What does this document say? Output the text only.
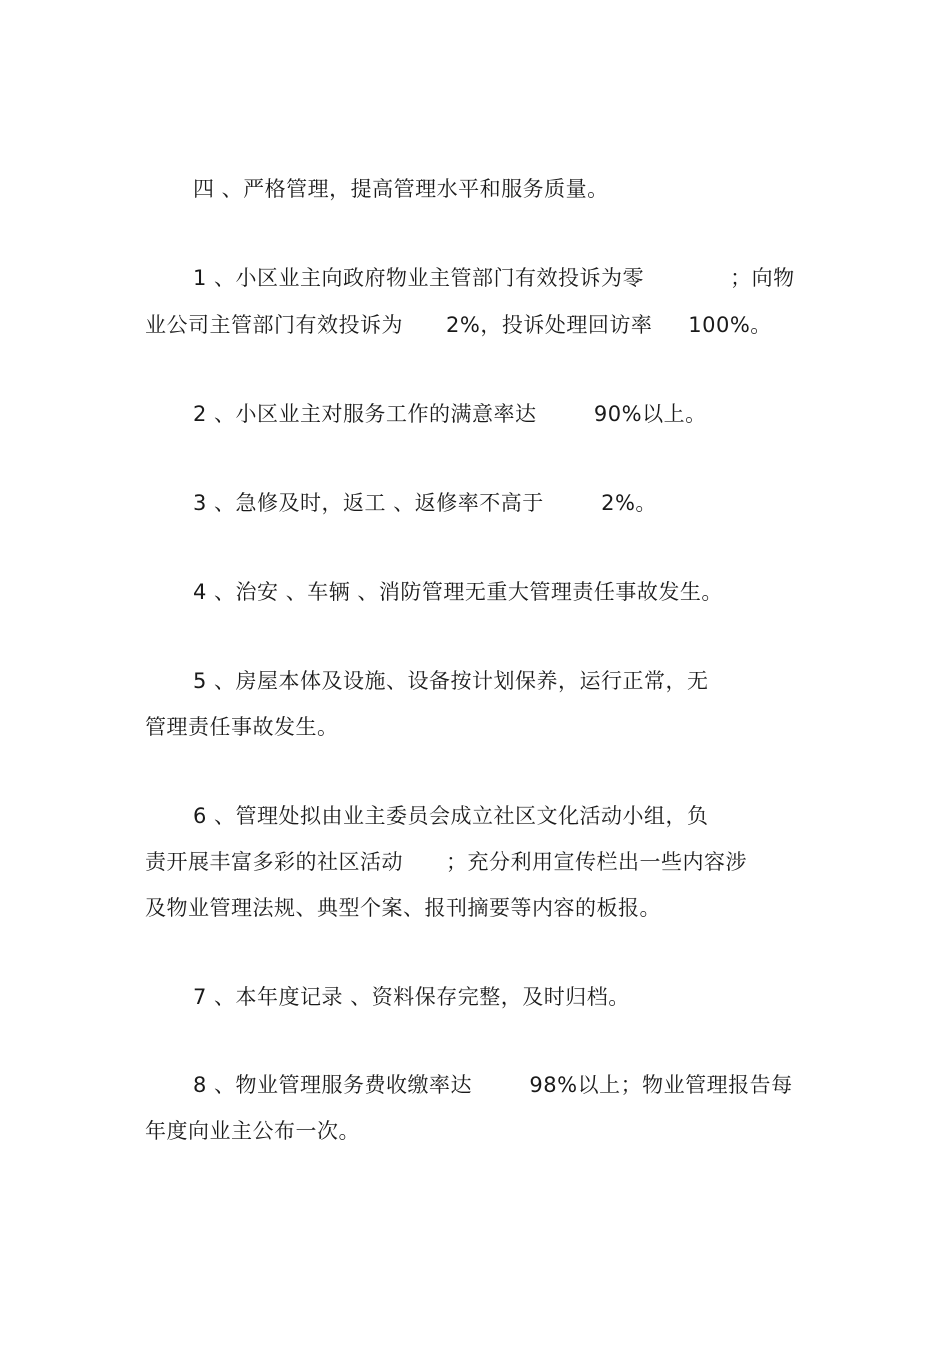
四 、严格管理，提高管理水平和服务质量。
1 、小区业主向政府物业主管部门有效投诉为零            ；向物
业公司主管部门有效投诉为      2%，投诉处理回访率     100%。
2 、小区业主对服务工作的满意率达        90%以上。
3 、急修及时，返工 、返修率不高于        2%。
4 、治安 、车辆 、消防管理无重大管理责任事故发生。
5 、房屋本体及设施、设备按计划保养，运行正常，无
管理责任事故发生。
6 、管理处拟由业主委员会成立社区文化活动小组，负
责开展丰富多彩的社区活动      ；充分利用宣传栏出一些内容涉
及物业管理法规、典型个案、报刊摘要等内容的板报。
7 、本年度记录 、资料保存完整，及时归档。
8 、物业管理服务费收缴率达        98%以上；物业管理报告每
年度向业主公布一次。
